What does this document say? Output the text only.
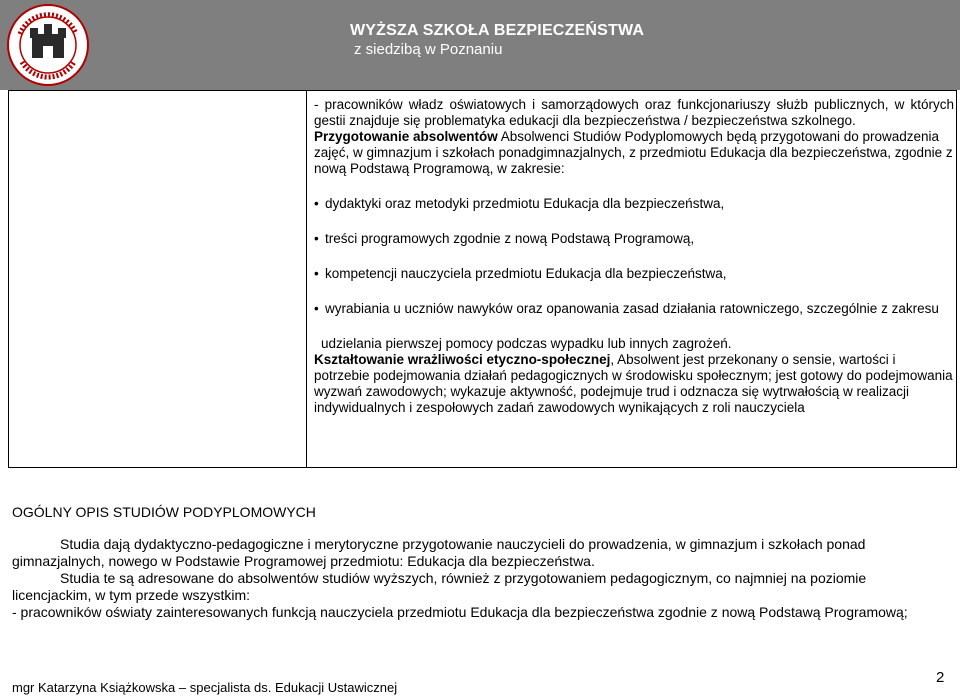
WYŻSZA SZKOŁA BEZPIECZEŃSTWA
z siedzibą w Poznaniu

- pracowników władz oświatowych i samorządowych oraz funkcjonariuszy służb publicznych, w których gestii znajduje się problematyka edukacji dla bezpieczeństwa / bezpieczeństwa szkolnego.

Przygotowanie absolwentów Absolwenci Studiów Podyplomowych będą przygotowani do prowadzenia zajęć, w gimnazjum i szkołach ponadgimnazjalnych, z przedmiotu Edukacja dla bezpieczeństwa, zgodnie z nową Podstawą Programową, w zakresie:

• dydaktyki oraz metodyki przedmiotu Edukacja dla bezpieczeństwa,
• treści programowych zgodnie z nową Podstawą Programową,
• kompetencji nauczyciela przedmiotu Edukacja dla bezpieczeństwa,
• wyrabiania u uczniów nawyków oraz opanowania zasad działania ratowniczego, szczególnie z zakresu

udzielania pierwszej pomocy podczas wypadku lub innych zagrożeń.

Kształtowanie wrażliwości etyczno-społecznej, Absolwent jest przekonany o sensie, wartości i potrzebie podejmowania działań pedagogicznych w środowisku społecznym; jest gotowy do podejmowania wyzwań zawodowych; wykazuje aktywność, podejmuje trud i odznacza się wytrwałością w realizacji indywidualnych i zespołowych zadań zawodowych wynikających z roli nauczyciela

OGÓLNY OPIS STUDIÓW PODYPLOMOWYCH

Studia dają dydaktyczno-pedagogiczne i merytoryczne przygotowanie nauczycieli do prowadzenia, w gimnazjum i szkołach ponad gimnazjalnych, nowego w Podstawie Programowej przedmiotu: Edukacja dla bezpieczeństwa.

Studia te są adresowane do absolwentów studiów wyższych, również z przygotowaniem pedagogicznym, co najmniej na poziomie licencjackim, w tym przede wszystkim:

- pracowników oświaty zainteresowanych funkcją nauczyciela przedmiotu Edukacja dla bezpieczeństwa zgodnie z nową Podstawą Programową;

mgr Katarzyna Książkowska – specjalista ds. Edukacji Ustawicznej
2
